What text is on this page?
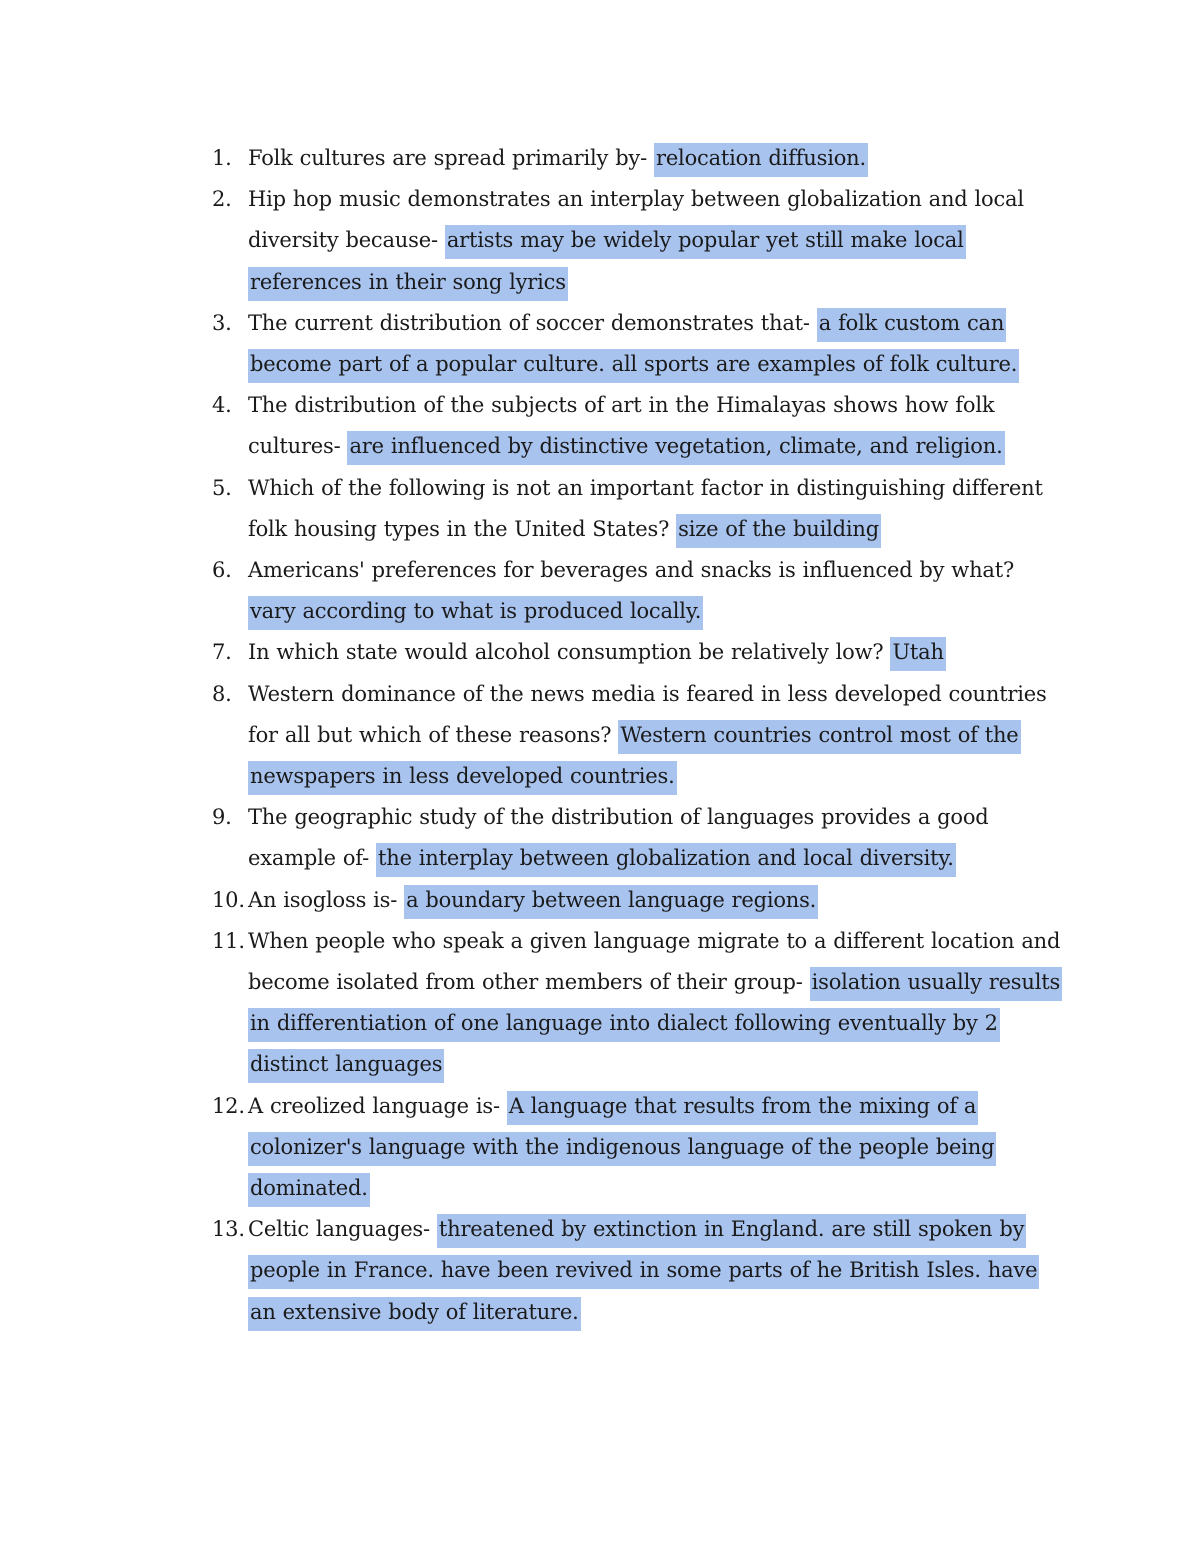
1. Folk cultures are spread primarily by- relocation diffusion.
2. Hip hop music demonstrates an interplay between globalization and local diversity because- artists may be widely popular yet still make local references in their song lyrics
3. The current distribution of soccer demonstrates that- a folk custom can become part of a popular culture. all sports are examples of folk culture.
4. The distribution of the subjects of art in the Himalayas shows how folk cultures- are influenced by distinctive vegetation, climate, and religion.
5. Which of the following is not an important factor in distinguishing different folk housing types in the United States? size of the building
6. Americans' preferences for beverages and snacks is influenced by what? vary according to what is produced locally.
7. In which state would alcohol consumption be relatively low? Utah
8. Western dominance of the news media is feared in less developed countries for all but which of these reasons? Western countries control most of the newspapers in less developed countries.
9. The geographic study of the distribution of languages provides a good example of- the interplay between globalization and local diversity.
10. An isogloss is- a boundary between language regions.
11. When people who speak a given language migrate to a different location and become isolated from other members of their group- isolation usually results in differentiation of one language into dialect following eventually by 2 distinct languages
12. A creolized language is- A language that results from the mixing of a colonizer's language with the indigenous language of the people being dominated.
13. Celtic languages- threatened by extinction in England. are still spoken by people in France. have been revived in some parts of he British Isles. have an extensive body of literature.
